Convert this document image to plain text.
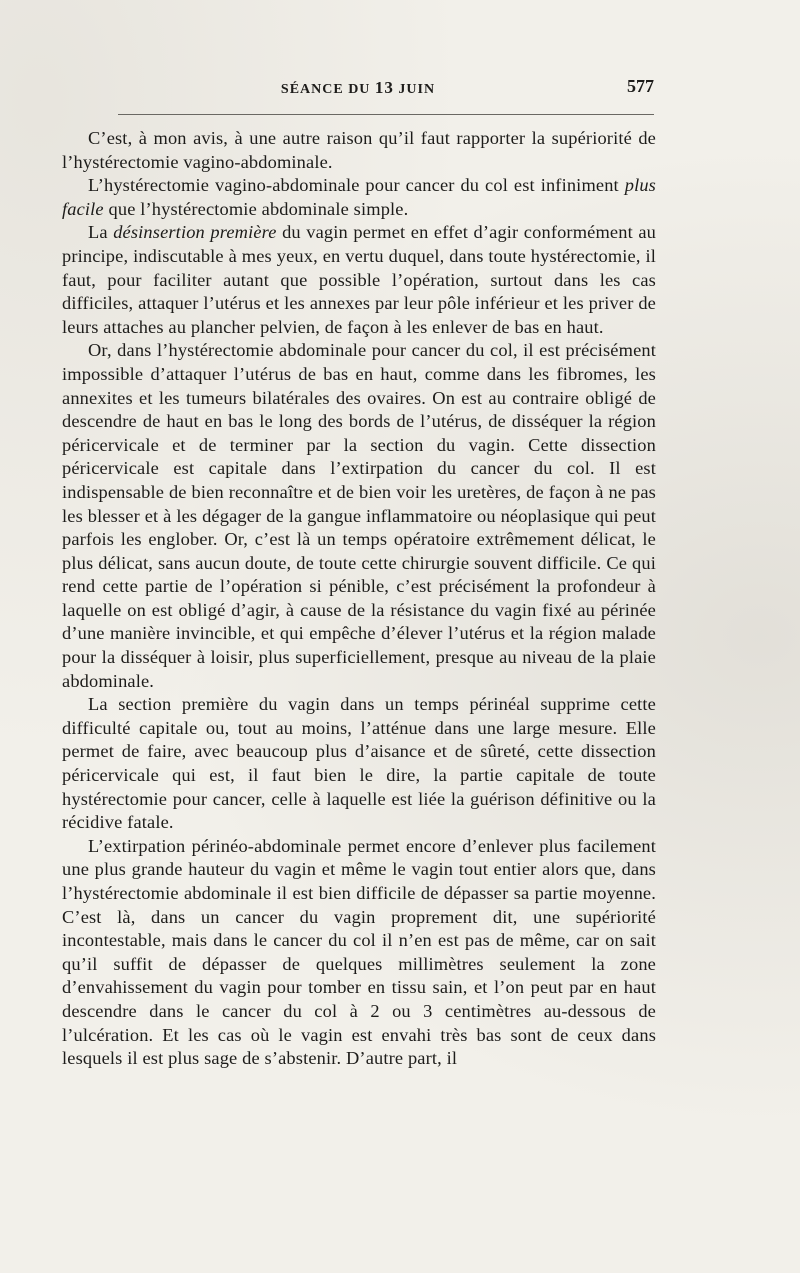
SÉANCE DU 13 JUIN	577

C’est, à mon avis, à une autre raison qu’il faut rapporter la supériorité de l’hystérectomie vagino-abdominale.

L’hystérectomie vagino-abdominale pour cancer du col est infiniment plus facile que l’hystérectomie abdominale simple.

La désinsertion première du vagin permet en effet d’agir conformément au principe, indiscutable à mes yeux, en vertu duquel, dans toute hystérectomie, il faut, pour faciliter autant que possible l’opération, surtout dans les cas difficiles, attaquer l’utérus et les annexes par leur pôle inférieur et les priver de leurs attaches au plancher pelvien, de façon à les enlever de bas en haut.

Or, dans l’hystérectomie abdominale pour cancer du col, il est précisément impossible d’attaquer l’utérus de bas en haut, comme dans les fibromes, les annexites et les tumeurs bilatérales des ovaires. On est au contraire obligé de descendre de haut en bas le long des bords de l’utérus, de disséquer la région péricervicale et de terminer par la section du vagin. Cette dissection péricervicale est capitale dans l’extirpation du cancer du col. Il est indispensable de bien reconnaître et de bien voir les uretères, de façon à ne pas les blesser et à les dégager de la gangue inflammatoire ou néoplasique qui peut parfois les englober. Or, c’est là un temps opératoire extrêmement délicat, le plus délicat, sans aucun doute, de toute cette chirurgie souvent difficile. Ce qui rend cette partie de l’opération si pénible, c’est précisément la profondeur à laquelle on est obligé d’agir, à cause de la résistance du vagin fixé au périnée d’une manière invincible, et qui empêche d’élever l’utérus et la région malade pour la disséquer à loisir, plus superficiellement, presque au niveau de la plaie abdominale.

La section première du vagin dans un temps périnéal supprime cette difficulté capitale ou, tout au moins, l’atténue dans une large mesure. Elle permet de faire, avec beaucoup plus d’aisance et de sûreté, cette dissection péricervicale qui est, il faut bien le dire, la partie capitale de toute hystérectomie pour cancer, celle à laquelle est liée la guérison définitive ou la récidive fatale.

L’extirpation périnéo-abdominale permet encore d’enlever plus facilement une plus grande hauteur du vagin et même le vagin tout entier alors que, dans l’hystérectomie abdominale il est bien difficile de dépasser sa partie moyenne. C’est là, dans un cancer du vagin proprement dit, une supériorité incontestable, mais dans le cancer du col il n’en est pas de même, car on sait qu’il suffit de dépasser de quelques millimètres seulement la zone d’envahissement du vagin pour tomber en tissu sain, et l’on peut par en haut descendre dans le cancer du col à 2 ou 3 centimètres au-dessous de l’ulcération. Et les cas où le vagin est envahi très bas sont de ceux dans lesquels il est plus sage de s’abstenir. D’autre part, il
